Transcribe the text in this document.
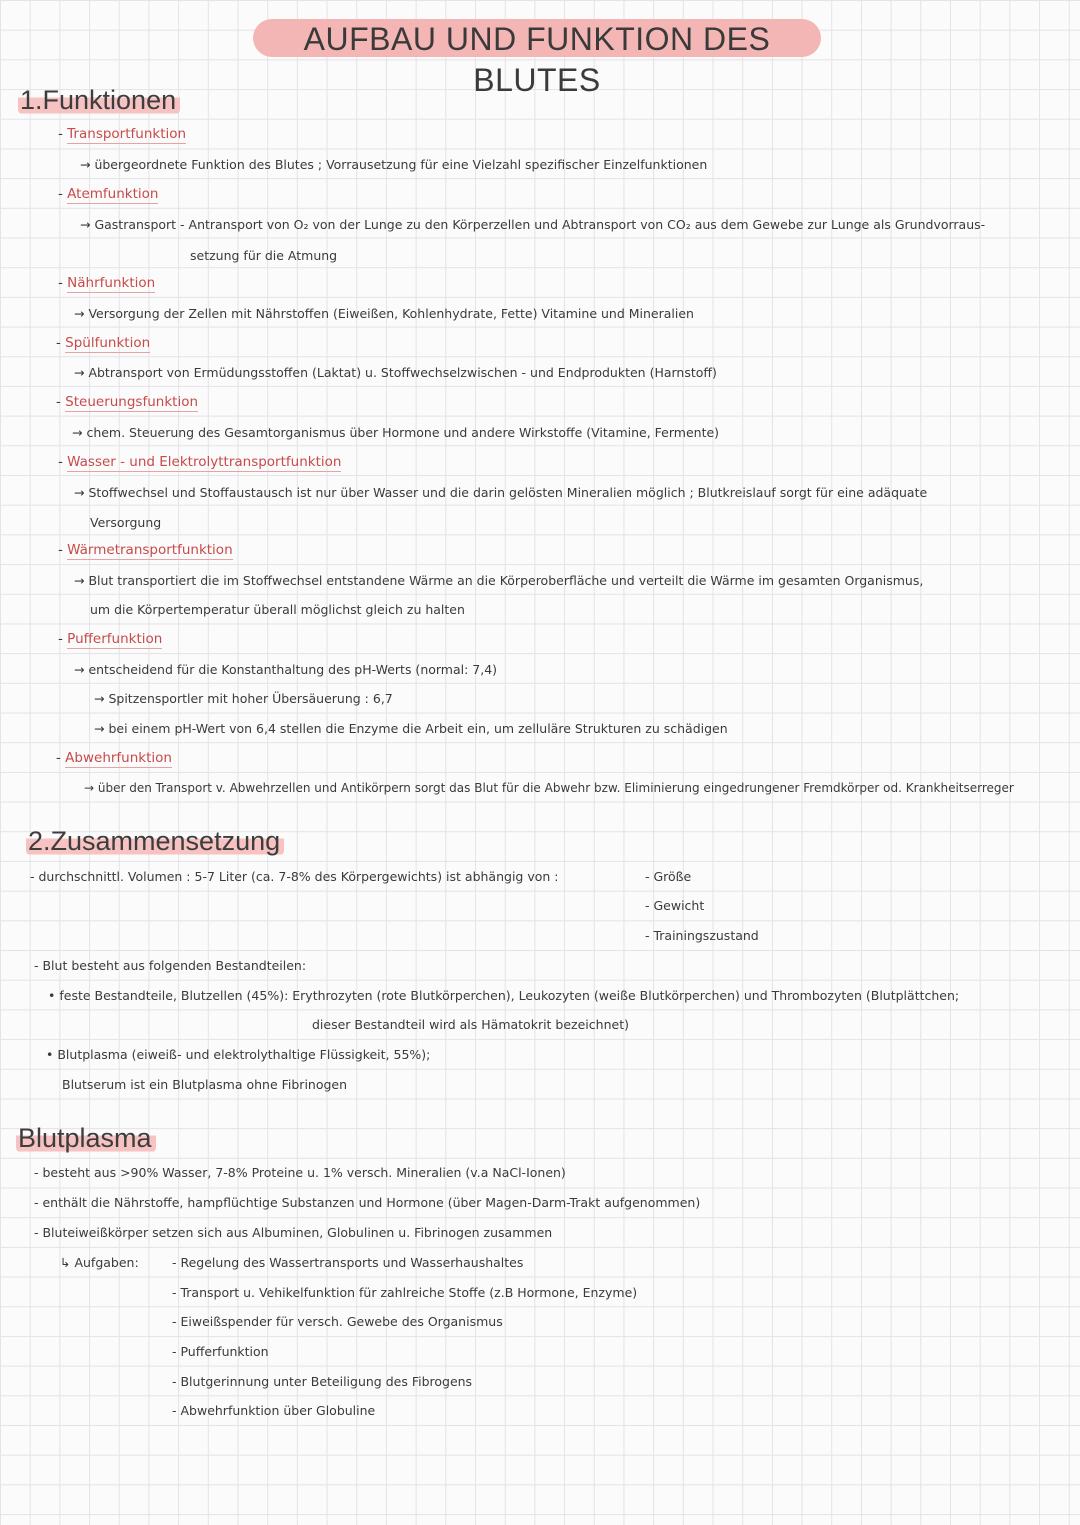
AUFBAU UND FUNKTION DES BLUTES
1.Funktionen
- Transportfunktion
→ übergeordnete Funktion des Blutes ; Vorrausetzung für eine Vielzahl spezifischer Einzelfunktionen
- Atemfunktion
→ Gastransport - Antransport von O₂ von der Lunge zu den Körperzellen und Abtransport von CO₂ aus dem Gewebe zur Lunge als Grundvorraus-
setzung für die Atmung
- Nährfunktion
→ Versorgung der Zellen mit Nährstoffen (Eiweißen, Kohlenhydrate, Fette) Vitamine und Mineralien
- Spülfunktion
→ Abtransport von Ermüdungsstoffen (Laktat) u. Stoffwechselzwischen - und Endprodukten (Harnstoff)
- Steuerungsfunktion
→ chem. Steuerung des Gesamtorganismus über Hormone und andere Wirkstoffe (Vitamine, Fermente)
- Wasser - und Elektrolyttransportfunktion
→ Stoffwechsel und Stoffaustausch ist nur über Wasser und die darin gelösten Mineralien möglich ; Blutkreislauf sorgt für eine adäquate
Versorgung
- Wärmetransportfunktion
→ Blut transportiert die im Stoffwechsel entstandene Wärme an die Körperoberfläche und verteilt die Wärme im gesamten Organismus,
um die Körpertemperatur überall möglichst gleich zu halten
- Pufferfunktion
→ entscheidend für die Konstanthaltung des pH-Werts (normal: 7,4)
→ Spitzensportler mit hoher Übersäuerung : 6,7
→ bei einem pH-Wert von 6,4 stellen die Enzyme die Arbeit ein, um zelluläre Strukturen zu schädigen
- Abwehrfunktion
→ über den Transport v. Abwehrzellen und Antikörpern sorgt das Blut für die Abwehr bzw. Eliminierung eingedrungener Fremdkörper od. Krankheitserreger
2.Zusammensetzung
- durchschnittl. Volumen : 5-7 Liter (ca. 7-8% des Körpergewichts) ist abhängig von :	- Größe
- Gewicht
- Trainingszustand
- Blut besteht aus folgenden Bestandteilen:
• feste Bestandteile, Blutzellen (45%): Erythrozyten (rote Blutkörperchen), Leukozyten (weiße Blutkörperchen) und Thrombozyten (Blutplättchen;
dieser Bestandteil wird als Hämatokrit bezeichnet)
• Blutplasma (eiweiß- und elektrolythaltige Flüssigkeit, 55%);
Blutserum ist ein Blutplasma ohne Fibrinogen
Blutplasma
- besteht aus >90% Wasser, 7-8% Proteine u. 1% versch. Mineralien (v.a NaCl-Ionen)
- enthält die Nährstoffe, hampflüchtige Substanzen und Hormone (über Magen-Darm-Trakt aufgenommen)
- Bluteiweißkörper setzen sich aus Albuminen, Globulinen u. Fibrinogen zusammen
↳ Aufgaben:	- Regelung des Wassertransports und Wasserhaushaltes
- Transport u. Vehikelfunktion für zahlreiche Stoffe (z.B Hormone, Enzyme)
- Eiweißspender für versch. Gewebe des Organismus
- Pufferfunktion
- Blutgerinnung unter Beteiligung des Fibrogens
- Abwehrfunktion über Globuline
